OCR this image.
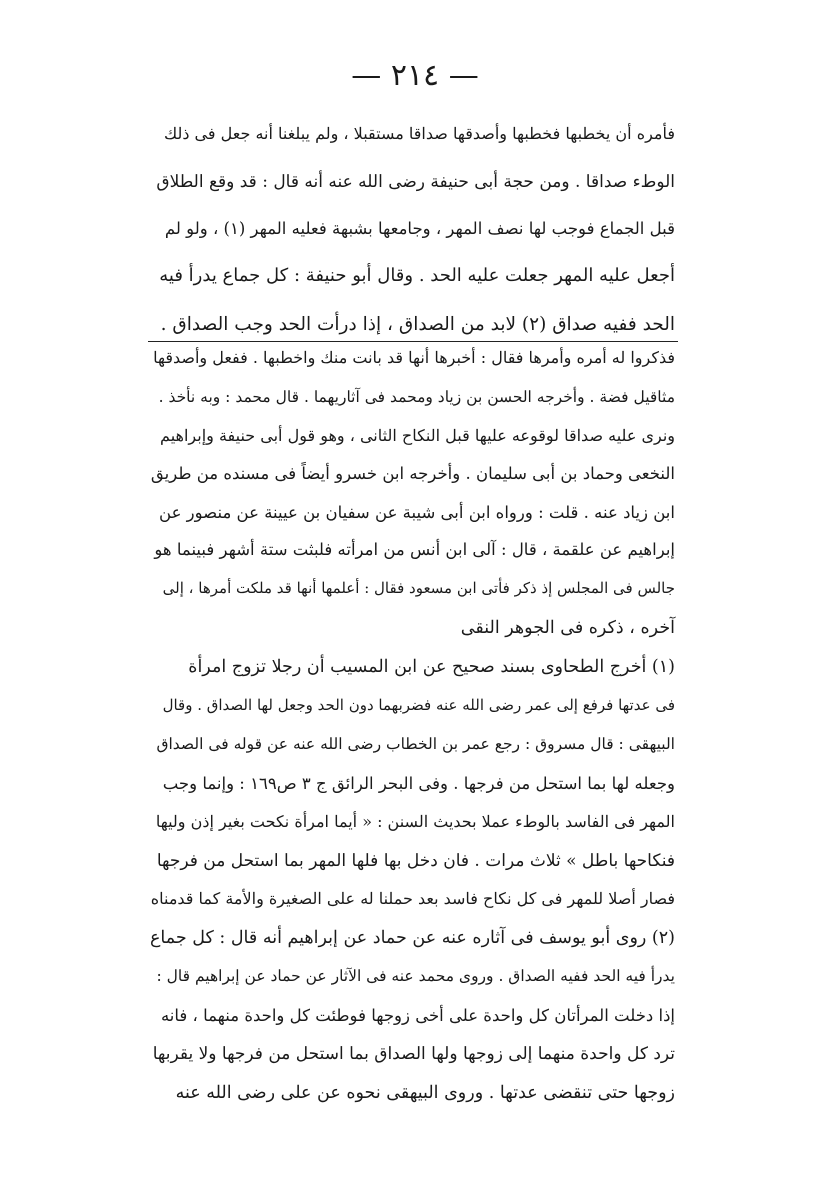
— ٢١٤ —
فأمره أن يخطبها فخطبها وأصدقها صداقا مستقبلا ، ولم يبلغنا أنه جعل فى ذلك
الوطء صداقا . ومن حجة أبى حنيفة رضى الله عنه أنه قال : قد وقع الطلاق
قبل الجماع فوجب لها نصف المهر ، وجامعها بشبهة فعليه المهر (١) ، ولو لم
أجعل عليه المهر جعلت عليه الحد . وقال أبو حنيفة : كل جماع يدرأ فيه
الحد ففيه صداق (٢) لابد من الصداق ، إذا درأت الحد وجب الصداق .
فذكروا له أمره وأمرها فقال : أخبرها أنها قد بانت منك واخطبها . ففعل وأصدقها
مثاقيل فضة . وأخرجه الحسن بن زياد ومحمد فى آثاريهما . قال محمد : وبه نأخذ .
ونرى عليه صداقا لوقوعه عليها قبل النكاح الثانى ، وهو قول أبى حنيفة وإبراهيم
النخعى وحماد بن أبى سليمان . وأخرجه ابن خسرو أيضاً فى مسنده من طريق
ابن زياد عنه . قلت : ورواه ابن أبى شيبة عن سفيان بن عيينة عن منصور عن
إبراهيم عن علقمة ، قال : آلى ابن أنس من امرأته فلبثت ستة أشهر فبينما هو
جالس فى المجلس إذ ذكر فأتى ابن مسعود فقال : أعلمها أنها قد ملكت أمرها ، إلى
آخره ، ذكره فى الجوهر النقى
(١) أخرج الطحاوى بسند صحيح عن ابن المسيب أن رجلا تزوج امرأة
فى عدتها فرفع إلى عمر رضى الله عنه فضربهما دون الحد وجعل لها الصداق . وقال
البيهقى : قال مسروق : رجع عمر بن الخطاب رضى الله عنه عن قوله فى الصداق
وجعله لها بما استحل من فرجها . وفى البحر الرائق ج ٣ ص١٦٩ : وإنما وجب
المهر فى الفاسد بالوطء عملا بحديث السنن : « أيما امرأة نكحت بغير إذن وليها
فنكاحها باطل » ثلاث مرات . فان دخل بها فلها المهر بما استحل من فرجها
فصار أصلا للمهر فى كل نكاح فاسد بعد حملنا له على الصغيرة والأمة كما قدمناه
(٢) روى أبو يوسف فى آثاره عنه عن حماد عن إبراهيم أنه قال : كل جماع
يدرأ فيه الحد ففيه الصداق . وروى محمد عنه فى الآثار عن حماد عن إبراهيم قال :
إذا دخلت المرأتان كل واحدة على أخى زوجها فوطئت كل واحدة منهما ، فانه
ترد كل واحدة منهما إلى زوجها ولها الصداق بما استحل من فرجها ولا يقربها
زوجها حتى تنقضى عدتها . وروى البيهقى نحوه عن على رضى الله عنه
